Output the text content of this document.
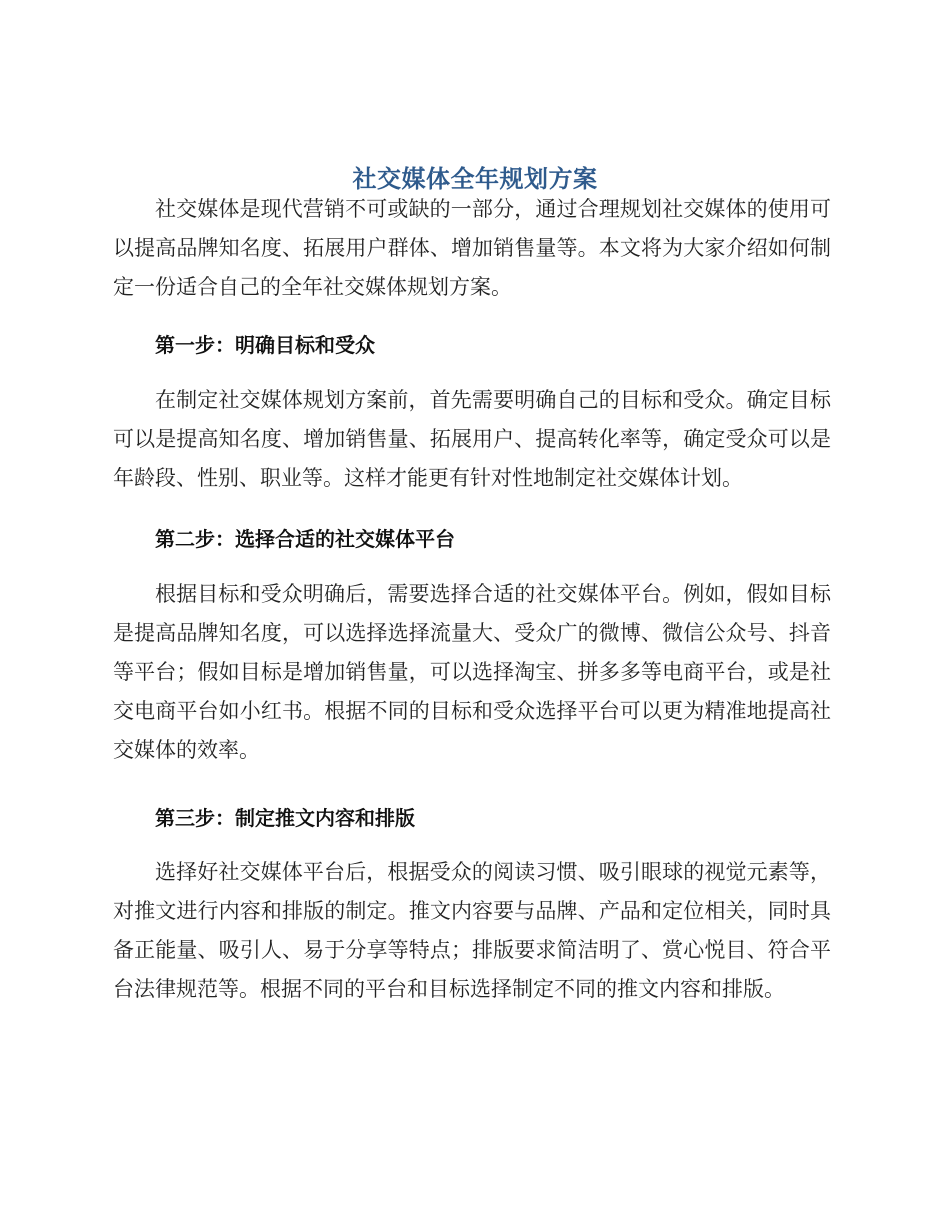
社交媒体全年规划方案

社交媒体是现代营销不可或缺的一部分，通过合理规划社交媒体的使用可以提高品牌知名度、拓展用户群体、增加销售量等。本文将为大家介绍如何制定一份适合自己的全年社交媒体规划方案。

第一步：明确目标和受众

在制定社交媒体规划方案前，首先需要明确自己的目标和受众。确定目标可以是提高知名度、增加销售量、拓展用户、提高转化率等，确定受众可以是年龄段、性别、职业等。这样才能更有针对性地制定社交媒体计划。

第二步：选择合适的社交媒体平台

根据目标和受众明确后，需要选择合适的社交媒体平台。例如，假如目标是提高品牌知名度，可以选择选择流量大、受众广的微博、微信公众号、抖音等平台；假如目标是增加销售量，可以选择淘宝、拼多多等电商平台，或是社交电商平台如小红书。根据不同的目标和受众选择平台可以更为精准地提高社交媒体的效率。

第三步：制定推文内容和排版

选择好社交媒体平台后，根据受众的阅读习惯、吸引眼球的视觉元素等，对推文进行内容和排版的制定。推文内容要与品牌、产品和定位相关，同时具备正能量、吸引人、易于分享等特点；排版要求简洁明了、赏心悦目、符合平台法律规范等。根据不同的平台和目标选择制定不同的推文内容和排版。
